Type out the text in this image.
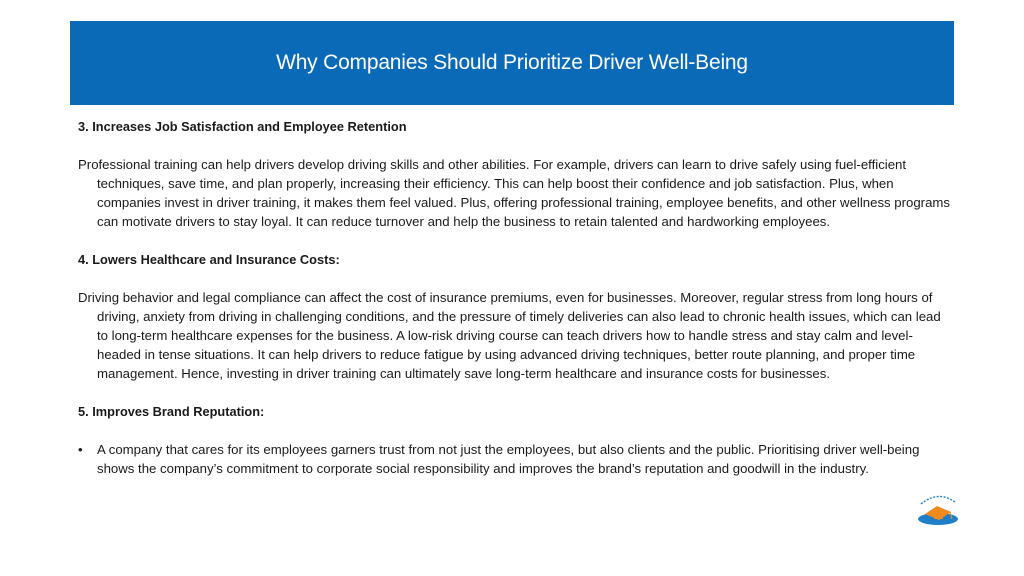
Why Companies Should Prioritize Driver Well-Being

3. Increases Job Satisfaction and Employee Retention

Professional training can help drivers develop driving skills and other abilities. For example, drivers can learn to drive safely using fuel-efficient techniques, save time, and plan properly, increasing their efficiency. This can help boost their confidence and job satisfaction. Plus, when companies invest in driver training, it makes them feel valued. Plus, offering professional training, employee benefits, and other wellness programs can motivate drivers to stay loyal. It can reduce turnover and help the business to retain talented and hardworking employees.

4. Lowers Healthcare and Insurance Costs:

Driving behavior and legal compliance can affect the cost of insurance premiums, even for businesses. Moreover, regular stress from long hours of driving, anxiety from driving in challenging conditions, and the pressure of timely deliveries can also lead to chronic health issues, which can lead to long-term healthcare expenses for the business. A low-risk driving course can teach drivers how to handle stress and stay calm and level-headed in tense situations. It can help drivers to reduce fatigue by using advanced driving techniques, better route planning, and proper time management. Hence, investing in driver training can ultimately save long-term healthcare and insurance costs for businesses.

5. Improves Brand Reputation:

•	A company that cares for its employees garners trust from not just the employees, but also clients and the public. Prioritising driver well-being shows the company’s commitment to corporate social responsibility and improves the brand’s reputation and goodwill in the industry.
